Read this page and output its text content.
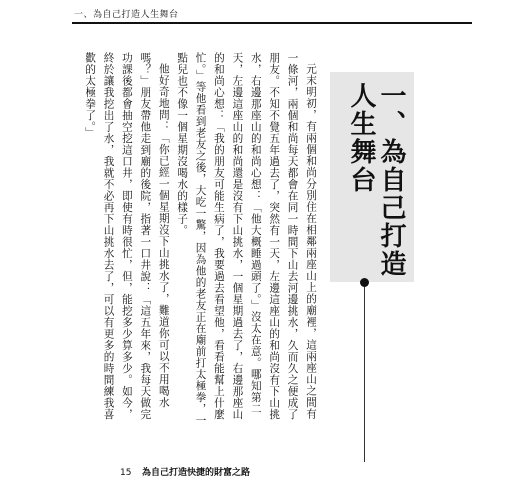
一、為自己打造人生舞台

元末明初，有兩個和尚分別住在相鄰兩座山上的廟裡，這兩座山之間有一條河，兩個和尚每天都會在同一時間下山去河邊挑水，久而久之便成了朋友。不知不覺五年過去了，突然有一天，左邊這座山的和尚沒有下山挑水，右邊那座山的和尚心想：「他大概睡過頭了。」沒太在意。哪知第二天，左邊這座山的和尚還是沒有下山挑水，一個星期過去了，右邊那座山的和尚心想：「我的朋友可能生病了，我要過去看望他，看看能幫上什麼忙。」等他看到老友之後，大吃一驚，因為他的老友正在廟前打太極拳，一點兒也不像一個星期沒喝水的樣子。

他好奇地問：「你已經一個星期沒下山挑水了，難道你可以不用喝水嗎？」朋友帶他走到廟的後院，指著一口井說：「這五年來，我每天做完功課後都會抽空挖這口井，即使有時很忙，但，能挖多少算多少。如今，終於讓我挖出了水，我就不必再下山挑水去了，可以有更多的時間練我喜歡的太極拳了。」	一、為自己打造人生舞台
15 為自己打造快捷的財富之路
